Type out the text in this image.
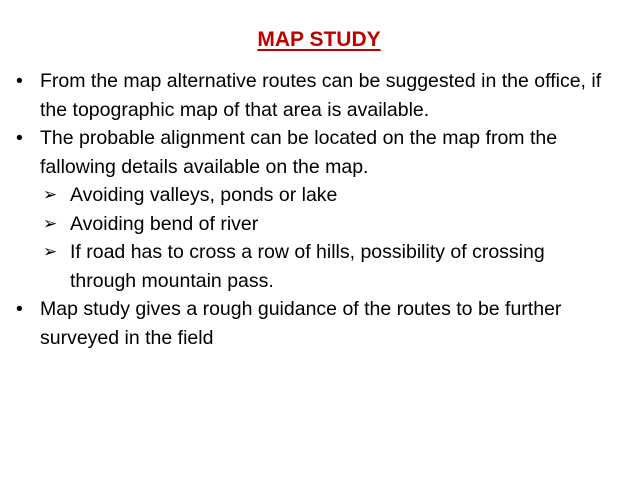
MAP STUDY
• From the map alternative routes can be suggested in the office, if the topographic map of that area is available.
• The probable alignment can be located on the map from the fallowing details available on the map.
➢ Avoiding valleys, ponds or lake
➢ Avoiding bend of river
➢ If road has to cross a row of hills, possibility of crossing through mountain pass.
• Map study gives a rough guidance of the routes to be further surveyed in the field
